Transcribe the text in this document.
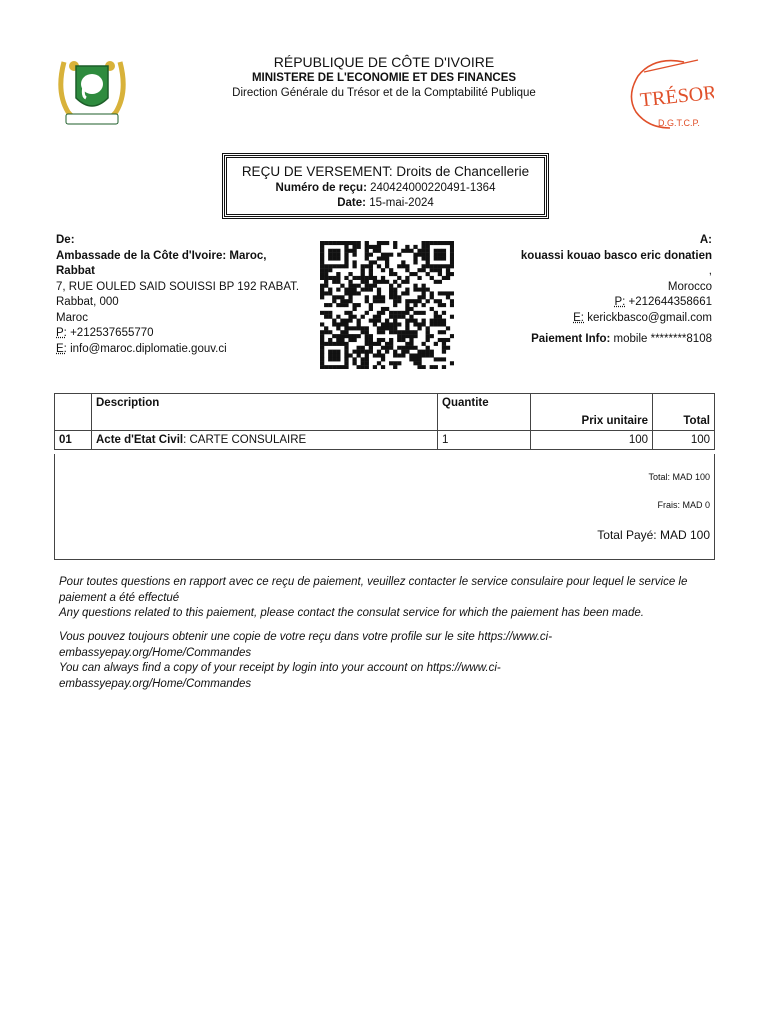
RÉPUBLIQUE DE CÔTE D'IVOIRE
MINISTERE DE L'ECONOMIE ET DES FINANCES
Direction Générale du Trésor et de la Comptabilité Publique	TRÉSOR
D.G.T.C.P.
REÇU DE VERSEMENT: Droits de Chancellerie
Numéro de reçu: 240424000220491-1364
Date: 15-mai-2024
De:
Ambassade de la Côte d'Ivoire: Maroc,
Rabbat
7, RUE OULED SAID SOUISSI BP 192 RABAT.
Rabbat, 000
Maroc
P: +212537655770
E: info@maroc.diplomatie.gouv.ci
A:
kouassi kouao basco eric donatien
,
Morocco
P: +212644358661
E: kerickbasco@gmail.com
Paiement Info: mobile ********8108
	Description	Quantite	Prix unitaire	Total
01	Acte d'Etat Civil: CARTE CONSULAIRE	1	100	100
Total: MAD 100
Frais: MAD 0
Total Payé: MAD 100
Pour toutes questions en rapport avec ce reçu de paiement, veuillez contacter le service consulaire pour lequel le service le paiement a été effectué
Any questions related to this paiement, please contact the consulat service for which the paiement has been made.
Vous pouvez toujours obtenir une copie de votre reçu dans votre profile sur le site https://www.ci-embassyepay.org/Home/Commandes
You can always find a copy of your receipt by login into your account on https://www.ci-embassyepay.org/Home/Commandes
